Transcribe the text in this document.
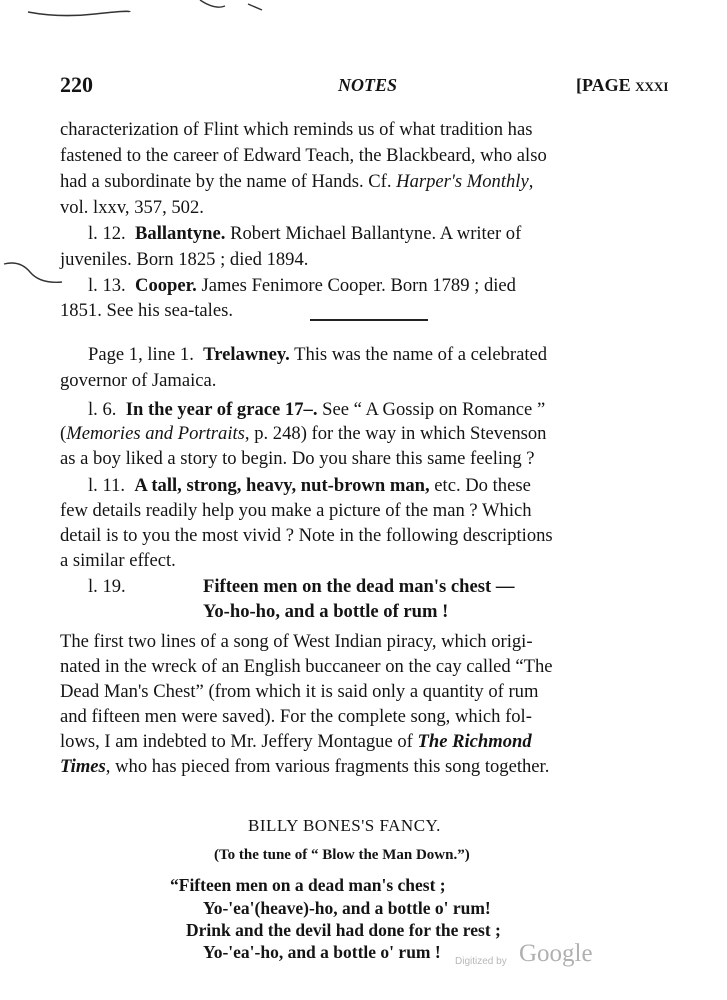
220	NOTES	[PAGE xxxi
characterization of Flint which reminds us of what tradition has
fastened to the career of Edward Teach, the Blackbeard, who also
had a subordinate by the name of Hands. Cf. Harper's Monthly,
vol. lxxv, 357, 502.
l. 12. Ballantyne. Robert Michael Ballantyne. A writer of
juveniles. Born 1825 ; died 1894.
l. 13. Cooper. James Fenimore Cooper. Born 1789 ; died
1851. See his sea-tales.
Page 1, line 1. Trelawney. This was the name of a celebrated
governor of Jamaica.
l. 6. In the year of grace 17–. See “ A Gossip on Romance ”
(Memories and Portraits, p. 248) for the way in which Stevenson
as a boy liked a story to begin. Do you share this same feeling ?
l. 11. A tall, strong, heavy, nut-brown man, etc. Do these
few details readily help you make a picture of the man ? Which
detail is to you the most vivid ? Note in the following descriptions
a similar effect.
l. 19.	Fifteen men on the dead man's chest —
Yo-ho-ho, and a bottle of rum !
The first two lines of a song of West Indian piracy, which origi-
nated in the wreck of an English buccaneer on the cay called “The
Dead Man's Chest” (from which it is said only a quantity of rum
and fifteen men were saved). For the complete song, which fol-
lows, I am indebted to Mr. Jeffery Montague of The Richmond
Times, who has pieced from various fragments this song together.
BILLY BONES'S FANCY.
(To the tune of “ Blow the Man Down.”)
“Fifteen men on a dead man's chest ;
Yo-'ea'(heave)-ho, and a bottle o' rum!
Drink and the devil had done for the rest ;
Yo-'ea'-ho, and a bottle o' rum ! Digitized by Google
